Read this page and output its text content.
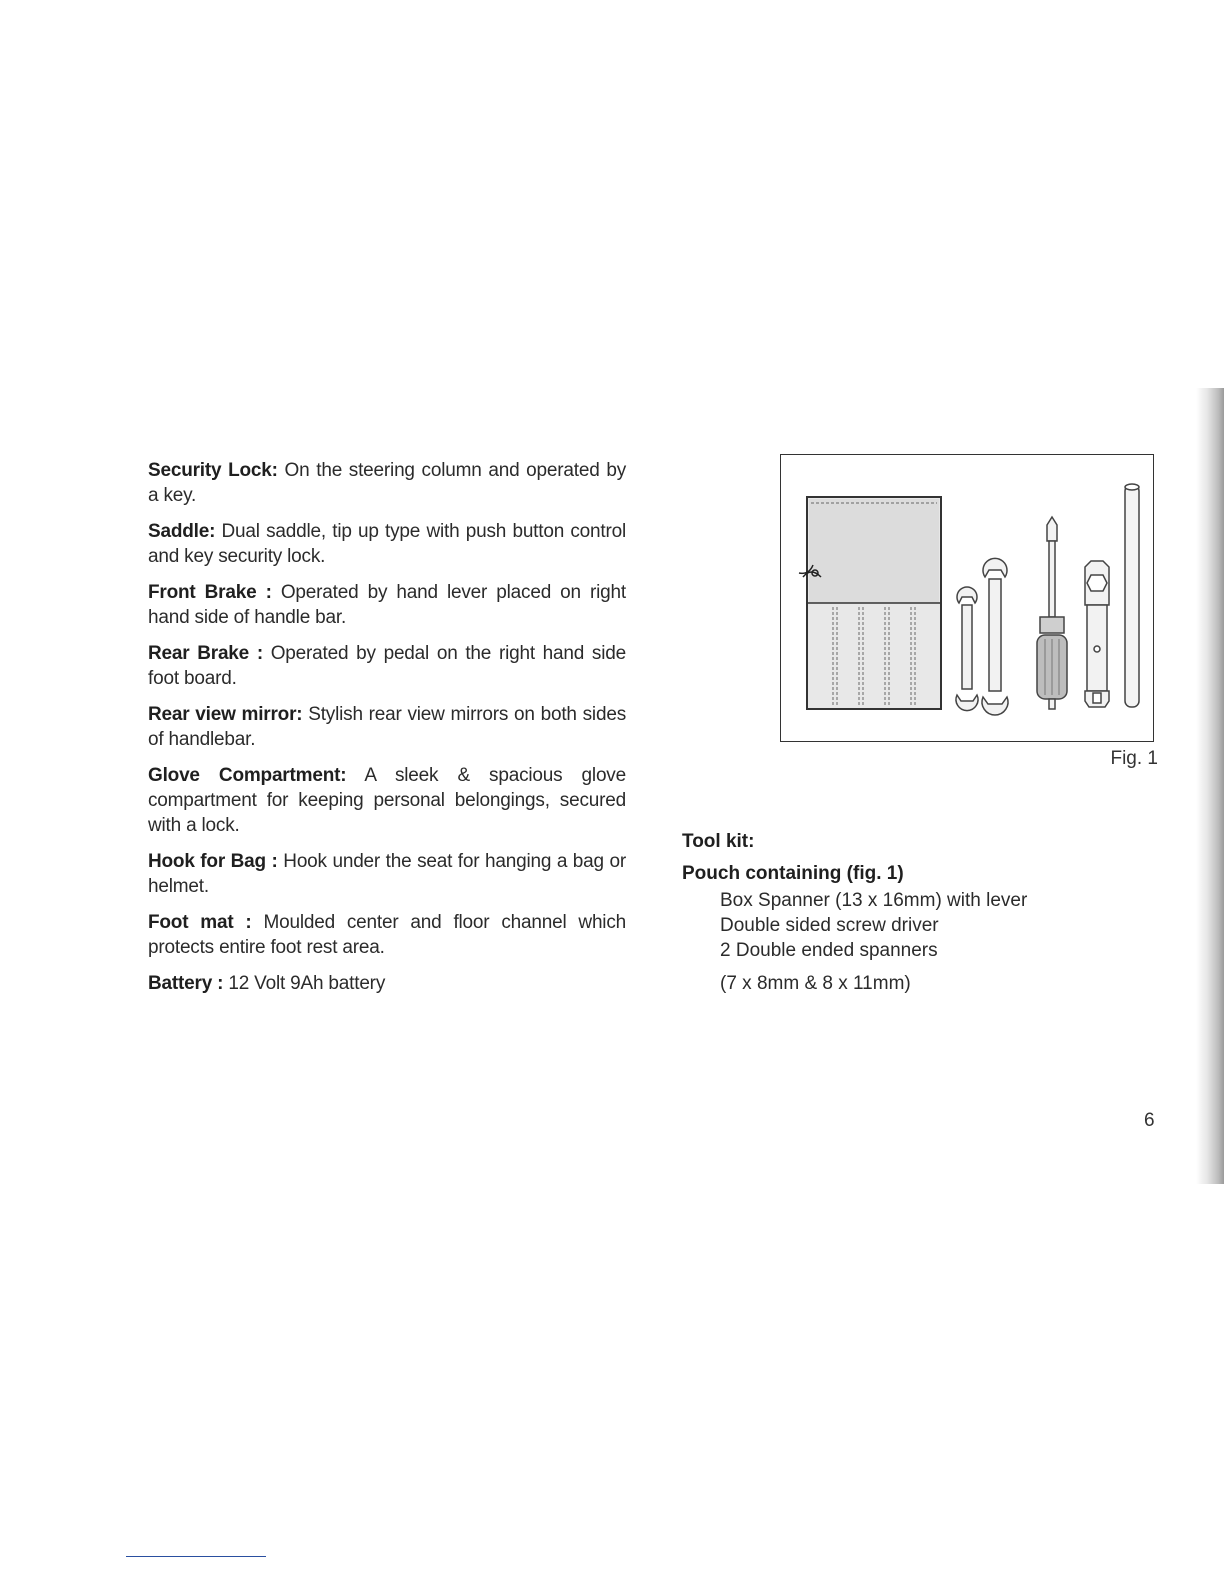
Security Lock: On the steering column and operated by a key.

Saddle: Dual saddle, tip up type with push button control and key security lock.

Front Brake : Operated by hand lever placed on right hand side of handle bar.

Rear Brake : Operated by pedal on the right hand side foot board.

Rear view mirror: Stylish rear view mirrors on both sides of handlebar.

Glove Compartment: A sleek & spacious glove compartment for keeping personal belongings, secured with a lock.

Hook for Bag : Hook under the seat for hanging a bag or helmet.

Foot mat : Moulded center and floor channel which protects entire foot rest area.

Battery : 12 Volt 9Ah battery

Fig. 1
Tool kit:
Pouch containing (fig. 1)
Box Spanner (13 x 16mm) with lever
Double sided screw driver
2 Double ended spanners
(7 x 8mm & 8 x 11mm)
6
